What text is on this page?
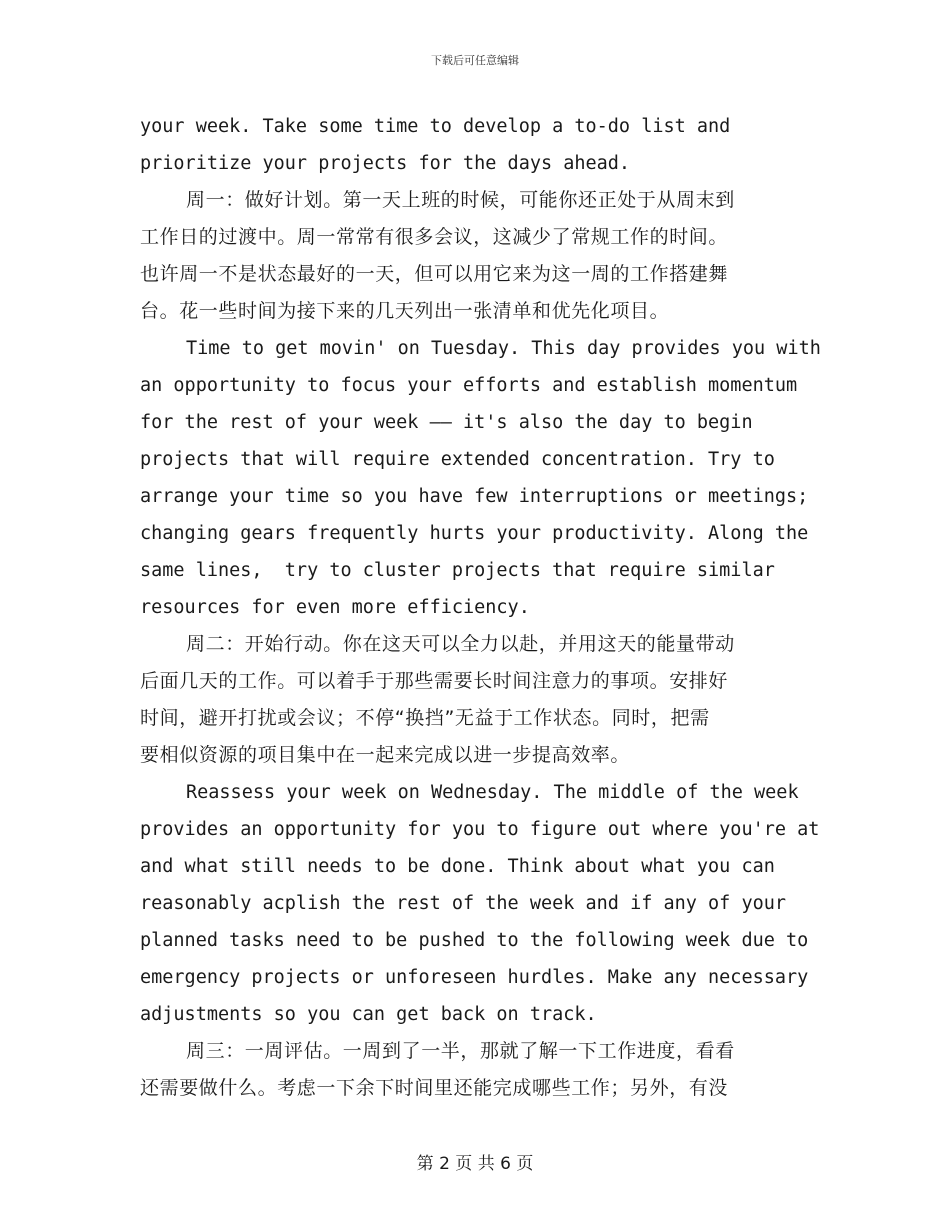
下载后可任意编辑
your week. Take some time to develop a to-do list and
prioritize your projects for the days ahead.
周一：做好计划。第一天上班的时候，可能你还正处于从周末到
工作日的过渡中。周一常常有很多会议，这减少了常规工作的时间。
也许周一不是状态最好的一天，但可以用它来为这一周的工作搭建舞
台。花一些时间为接下来的几天列出一张清单和优先化项目。
Time to get movin' on Tuesday. This day provides you with
an opportunity to focus your efforts and establish momentum
for the rest of your week —— it's also the day to begin
projects that will require extended concentration. Try to
arrange your time so you have few interruptions or meetings;
changing gears frequently hurts your productivity. Along the
same lines,  try to cluster projects that require similar
resources for even more efficiency.
周二：开始行动。你在这天可以全力以赴，并用这天的能量带动
后面几天的工作。可以着手于那些需要长时间注意力的事项。安排好
时间，避开打扰或会议；不停“换挡”无益于工作状态。同时，把需
要相似资源的项目集中在一起来完成以进一步提高效率。
Reassess your week on Wednesday. The middle of the week
provides an opportunity for you to figure out where you're at
and what still needs to be done. Think about what you can
reasonably acplish the rest of the week and if any of your
planned tasks need to be pushed to the following week due to
emergency projects or unforeseen hurdles. Make any necessary
adjustments so you can get back on track.
周三：一周评估。一周到了一半，那就了解一下工作进度，看看
还需要做什么。考虑一下余下时间里还能完成哪些工作；另外，有没
第 2 页 共 6 页
